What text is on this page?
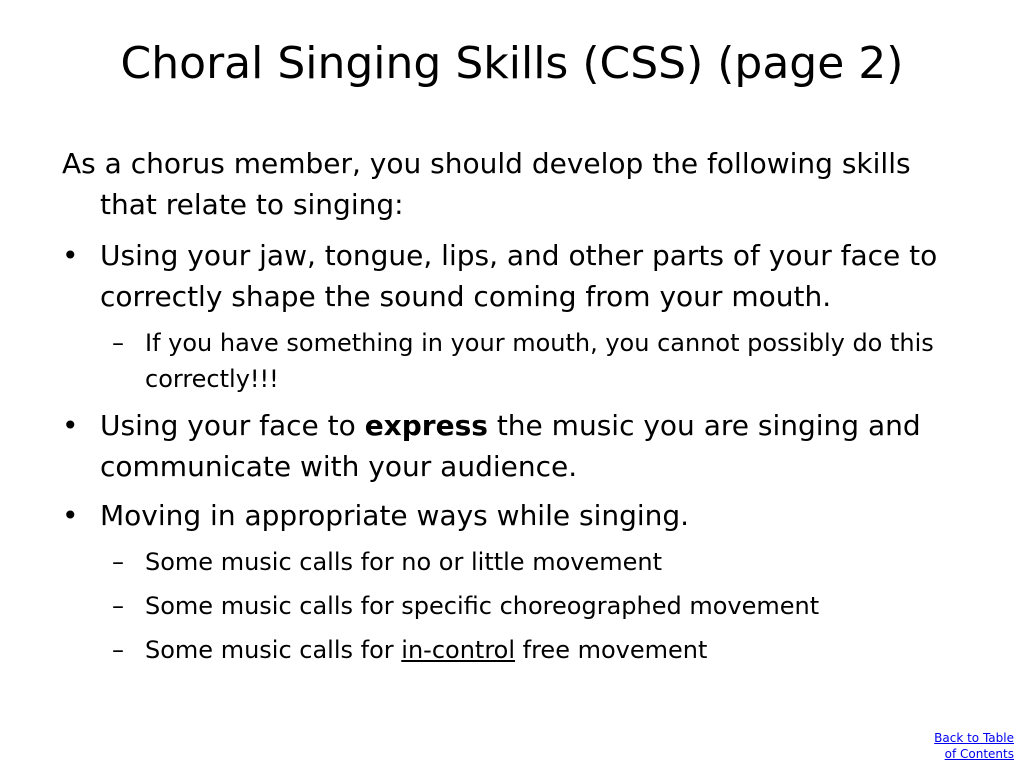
Choral Singing Skills (CSS) (page 2)

As a chorus member, you should develop the following skills that relate to singing:

• Using your jaw, tongue, lips, and other parts of your face to correctly shape the sound coming from your mouth.
– If you have something in your mouth, you cannot possibly do this correctly!!!
• Using your face to express the music you are singing and communicate with your audience.
• Moving in appropriate ways while singing.
– Some music calls for no or little movement
– Some music calls for specific choreographed movement
– Some music calls for in-control free movement
Back to Table
of Contents
